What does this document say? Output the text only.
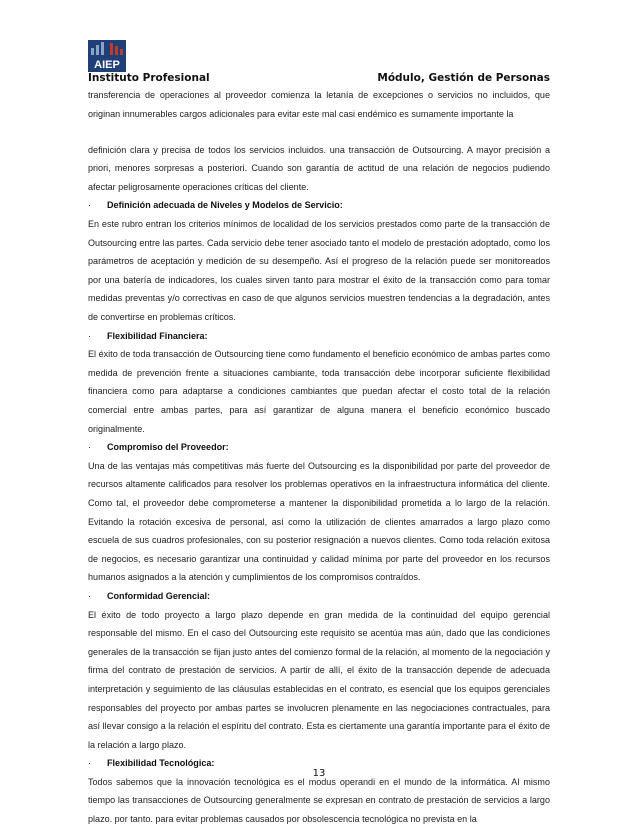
AIEP
Instituto Profesional	Módulo, Gestión de Personas

transferencia de operaciones al proveedor comienza la letanía de excepciones o servicios no incluidos, que originan innumerables cargos adicionales para evitar este mal casi endémico es sumamente importante la

definición clara y precisa de todos los servicios incluidos. una transacción de Outsourcing. A mayor precisión a priori, menores sorpresas a posteriori. Cuando son garantía de actitud de una relación de negocios pudiendo afectar peligrosamente operaciones críticas del cliente.

· Definición adecuada de Niveles y Modelos de Servicio:

En este rubro entran los criterios mínimos de localidad de los servicios prestados como parte de la transacción de Outsourcing entre las partes. Cada servicio debe tener asociado tanto el modelo de prestación adoptado, como los parámetros de aceptación y medición de su desempeño. Así el progreso de la relación puede ser monitoreados por una batería de indicadores, los cuales sirven tanto para mostrar el éxito de la transacción como para tomar medidas preventas y/o correctivas en caso de que algunos servicios muestren tendencias a la degradación, antes de convertirse en problemas críticos.

· Flexibilidad Financiera:

El éxito de toda transacción de Outsourcing tiene como fundamento el beneficio económico de ambas partes como medida de prevención frente a situaciones cambiante, toda transacción debe incorporar suficiente flexibilidad financiera como para adaptarse a condiciones cambiantes que puedan afectar el costo total de la relación comercial entre ambas partes, para así garantizar de alguna manera el beneficio económico buscado originalmente.

· Compromiso del Proveedor:

Una de las ventajas más competitivas más fuerte del Outsourcing es la disponibilidad por parte del proveedor de recursos altamente calificados para resolver los problemas operativos en la infraestructura informática del cliente. Como tal, el proveedor debe comprometerse a mantener la disponibilidad prometida a lo largo de la relación. Evitando la rotación excesiva de personal, así como la utilización de clientes amarrados a largo plazo como escuela de sus cuadros profesionales, con su posterior resignación a nuevos clientes. Como toda relación exitosa de negocios, es necesario garantizar una continuidad y calidad mínima por parte del proveedor en los recursos humanos asignados a la atención y cumplimientos de los compromisos contraídos.

· Conformidad Gerencial:

El éxito de todo proyecto a largo plazo depende en gran medida de la continuidad del equipo gerencial responsable del mismo. En el caso del Outsourcing este requisito se acentúa mas aún, dado que las condiciones generales de la transacción se fijan justo antes del comienzo formal de la relación, al momento de la negociación y firma del contrato de prestación de servicios. A partir de allí, el éxito de la transacción depende de adecuada interpretación y seguimiento de las cláusulas establecidas en el contrato, es esencial que los equipos gerenciales responsables del proyecto por ambas partes se involucren plenamente en las negociaciones contractuales, para así llevar consigo a la relación el espíritu del contrato. Esta es ciertamente una garantía importante para el éxito de la relación a largo plazo.

· Flexibilidad Tecnológica:

Todos sabemos que la innovación tecnológica es el modus operandi en el mundo de la informática. Al mismo tiempo las transacciones de Outsourcing generalmente se expresan en contrato de prestación de servicios a largo plazo. por tanto. para evitar problemas causados por obsolescencia tecnológica no prevista en la

13
